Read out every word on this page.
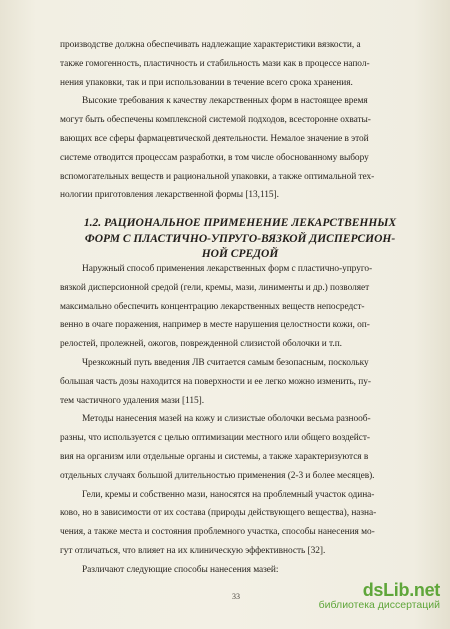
производстве должна обеспечивать надлежащие характеристики вязкости, а
также гомогенность, пластичность и стабильность мази как в процессе напол-
нения упаковки, так и при использовании в течение всего срока хранения.
Высокие требования к качеству лекарственных форм в настоящее время
могут быть обеспечены комплексной системой подходов, всесторонне охваты-
вающих все сферы фармацевтической деятельности. Немалое значение в этой
системе отводится процессам разработки, в том числе обоснованному выбору
вспомогательных веществ и рациональной упаковки, а также оптимальной тех-
нологии приготовления лекарственной формы [13,115].
1.2. РАЦИОНАЛЬНОЕ ПРИМЕНЕНИЕ ЛЕКАРСТВЕННЫХ
ФОРМ С ПЛАСТИЧНО-УПРУГО-ВЯЗКОЙ ДИСПЕРСИОН-
НОЙ СРЕДОЙ
Наружный способ применения лекарственных форм с пластично-упруго-
вязкой дисперсионной средой (гели, кремы, мази, линименты и др.) позволяет
максимально обеспечить концентрацию лекарственных веществ непосредст-
венно в очаге поражения, например в месте нарушения целостности кожи, оп-
релостей, пролежней, ожогов, поврежденной слизистой оболочки и т.п.
Чрезкожный путь введения ЛВ считается самым безопасным, поскольку
большая часть дозы находится на поверхности и ее легко можно изменить, пу-
тем частичного удаления мази [115].
Методы нанесения мазей на кожу и слизистые оболочки весьма разнооб-
разны, что используется с целью оптимизации местного или общего воздейст-
вия на организм или отдельные органы и системы, а также характеризуются в
отдельных случаях большой длительностью применения (2-3 и более месяцев).
Гели, кремы и собственно мази, наносятся на проблемный участок одина-
ково, но в зависимости от их состава (природы действующего вещества), назна-
чения, а также места и состояния проблемного участка, способы нанесения мо-
гут отличаться, что влияет на их клиническую эффективность [32].
Различают следующие способы нанесения мазей:
33	dsLib.net
библиотека диссертаций
